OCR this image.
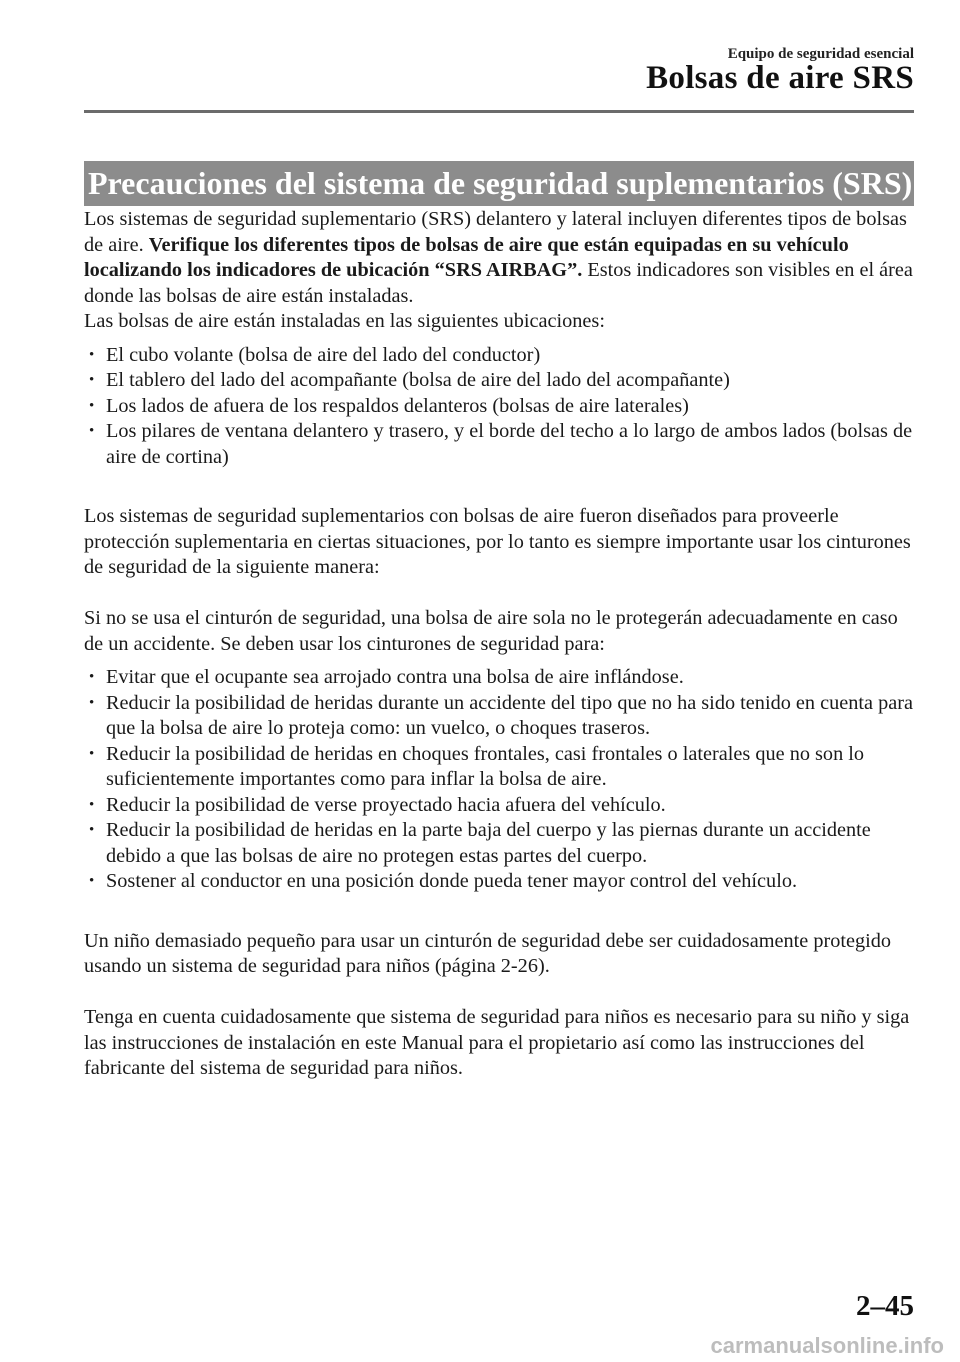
Equipo de seguridad esencial
Bolsas de aire SRS
Precauciones del sistema de seguridad suplementarios (SRS)

Los sistemas de seguridad suplementario (SRS) delantero y lateral incluyen diferentes tipos de bolsas de aire. Verifique los diferentes tipos de bolsas de aire que están equipadas en su vehículo localizando los indicadores de ubicación “SRS AIRBAG”. Estos indicadores son visibles en el área donde las bolsas de aire están instaladas.

Las bolsas de aire están instaladas en las siguientes ubicaciones:

• El cubo volante (bolsa de aire del lado del conductor)
• El tablero del lado del acompañante (bolsa de aire del lado del acompañante)
• Los lados de afuera de los respaldos delanteros (bolsas de aire laterales)
• Los pilares de ventana delantero y trasero, y el borde del techo a lo largo de ambos lados (bolsas de aire de cortina)

Los sistemas de seguridad suplementarios con bolsas de aire fueron diseñados para proveerle protección suplementaria en ciertas situaciones, por lo tanto es siempre importante usar los cinturones de seguridad de la siguiente manera:

Si no se usa el cinturón de seguridad, una bolsa de aire sola no le protegerán adecuadamente en caso de un accidente. Se deben usar los cinturones de seguridad para:

• Evitar que el ocupante sea arrojado contra una bolsa de aire inflándose.
• Reducir la posibilidad de heridas durante un accidente del tipo que no ha sido tenido en cuenta para que la bolsa de aire lo proteja como: un vuelco, o choques traseros.
• Reducir la posibilidad de heridas en choques frontales, casi frontales o laterales que no son lo suficientemente importantes como para inflar la bolsa de aire.
• Reducir la posibilidad de verse proyectado hacia afuera del vehículo.
• Reducir la posibilidad de heridas en la parte baja del cuerpo y las piernas durante un accidente debido a que las bolsas de aire no protegen estas partes del cuerpo.
• Sostener al conductor en una posición donde pueda tener mayor control del vehículo.

Un niño demasiado pequeño para usar un cinturón de seguridad debe ser cuidadosamente protegido usando un sistema de seguridad para niños (página 2-26).

Tenga en cuenta cuidadosamente que sistema de seguridad para niños es necesario para su niño y siga las instrucciones de instalación en este Manual para el propietario así como las instrucciones del fabricante del sistema de seguridad para niños.

2–45
carmanualsonline.info
